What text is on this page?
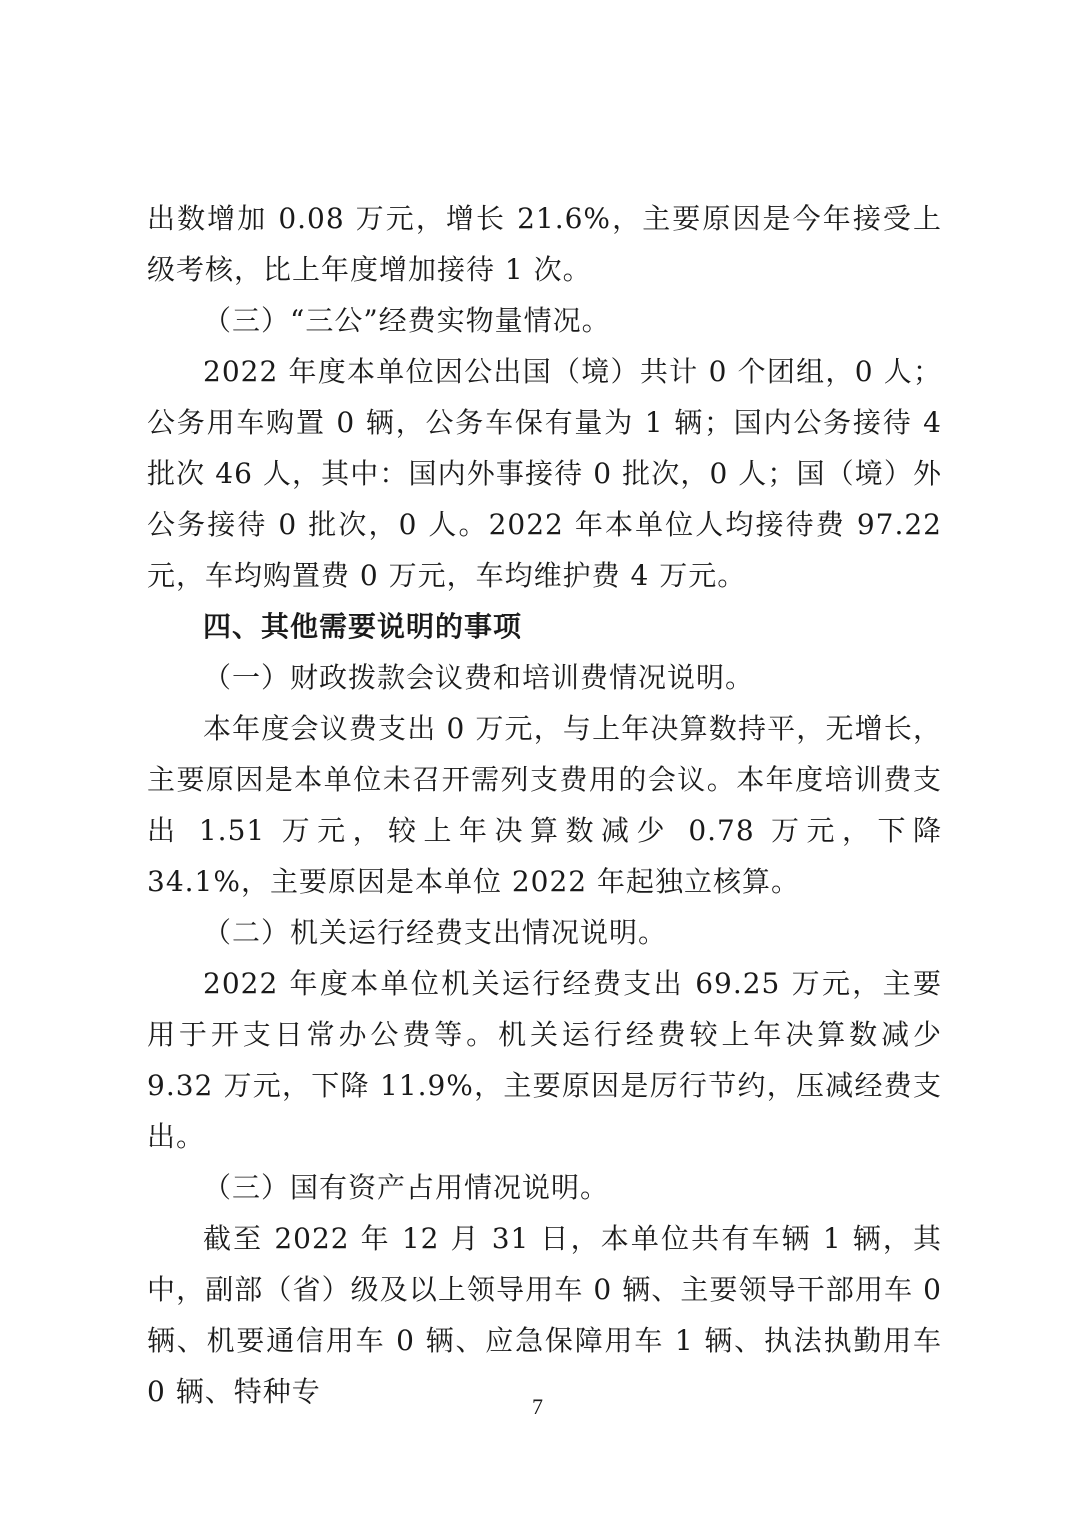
出数增加 0.08 万元，增长 21.6%，主要原因是今年接受上级考核，比上年度增加接待 1 次。

（三）“三公”经费实物量情况。

2022 年度本单位因公出国（境）共计 0 个团组，0 人；公务用车购置 0 辆，公务车保有量为 1 辆；国内公务接待 4 批次 46 人，其中：国内外事接待 0 批次，0 人；国（境）外公务接待 0 批次，0 人。2022 年本单位人均接待费 97.22 元，车均购置费 0 万元，车均维护费 4 万元。

四、其他需要说明的事项

（一）财政拨款会议费和培训费情况说明。

本年度会议费支出 0 万元，与上年决算数持平，无增长，主要原因是本单位未召开需列支费用的会议。本年度培训费支出 1.51 万元，较上年决算数减少 0.78 万元，下降 34.1%，主要原因是本单位 2022 年起独立核算。

（二）机关运行经费支出情况说明。

2022 年度本单位机关运行经费支出 69.25 万元，主要用于开支日常办公费等。机关运行经费较上年决算数减少 9.32 万元，下降 11.9%，主要原因是厉行节约，压减经费支出。

（三）国有资产占用情况说明。

截至 2022 年 12 月 31 日，本单位共有车辆 1 辆，其中，副部（省）级及以上领导用车 0 辆、主要领导干部用车 0 辆、机要通信用车 0 辆、应急保障用车 1 辆、执法执勤用车 0 辆、特种专	7
